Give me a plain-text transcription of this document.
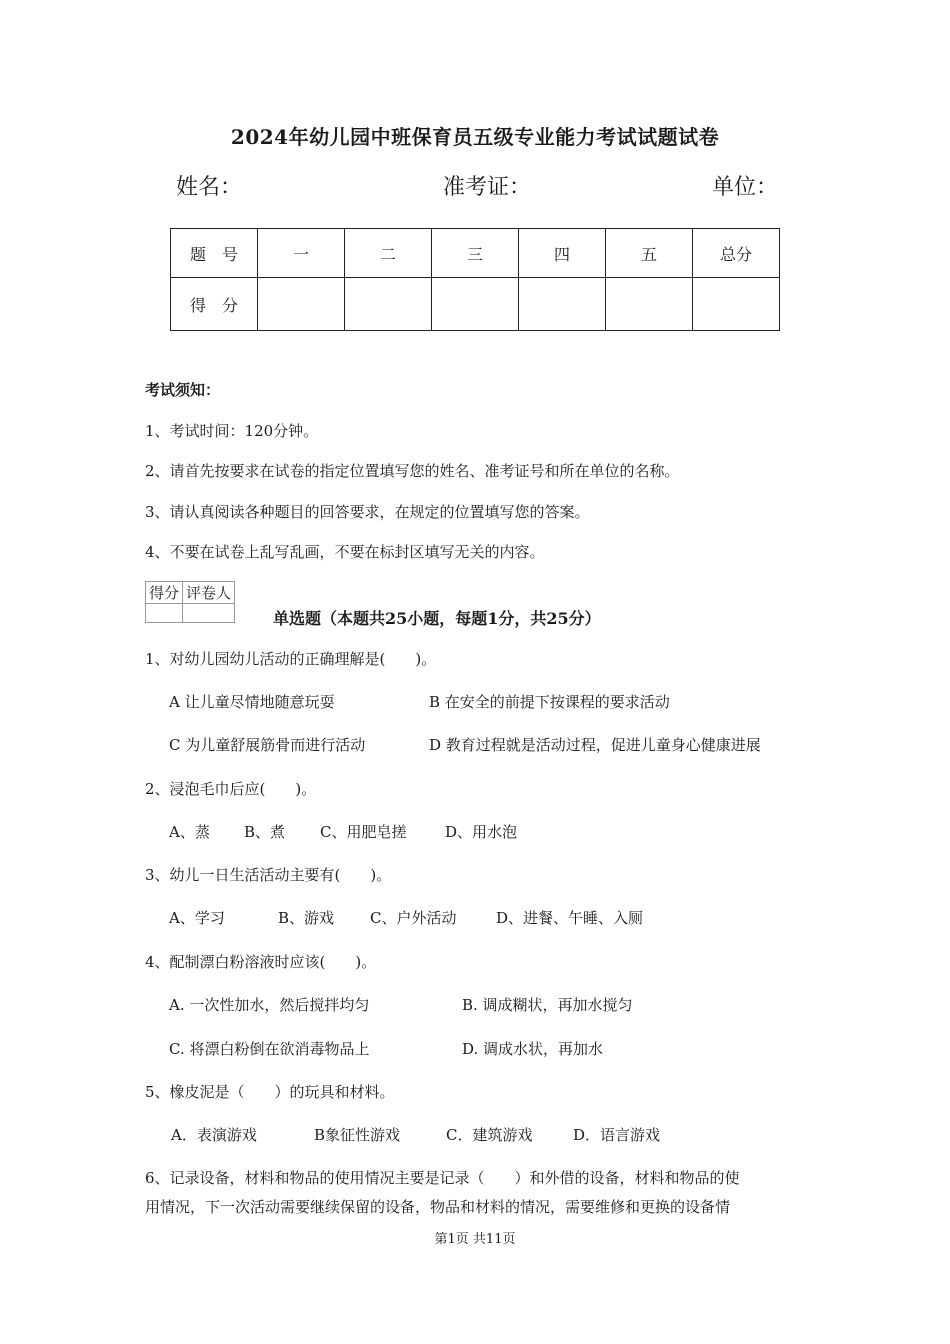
2024年幼儿园中班保育员五级专业能力考试试题试卷
姓名：	准考证：	单位：
题　号	一	二	三	四	五	总分
得　分						
考试须知：
1、考试时间：120分钟。
2、请首先按要求在试卷的指定位置填写您的姓名、准考证号和所在单位的名称。
3、请认真阅读各种题目的回答要求，在规定的位置填写您的答案。
4、不要在试卷上乱写乱画，不要在标封区填写无关的内容。
得分	评卷人

单选题（本题共25小题，每题1分，共25分）
1、对幼儿园幼儿活动的正确理解是(　　)。
A 让儿童尽情地随意玩耍	B 在安全的前提下按课程的要求活动
C 为儿童舒展筋骨而进行活动	D 教育过程就是活动过程，促进儿童身心健康进展
2、浸泡毛巾后应(　　)。
A、蒸 B、煮 C、用肥皂搓	D、用水泡
3、幼儿一日生活活动主要有(　　)。
A、学习	B、游戏 C、户外活动	D、进餐、午睡、入厕
4、配制漂白粉溶液时应该(　　)。
A. 一次性加水，然后搅拌均匀	B. 调成糊状，再加水搅匀
C. 将漂白粉倒在欲消毒物品上	D. 调成水状，再加水
5、橡皮泥是（　　）的玩具和材料。
A．表演游戏	B象征性游戏	C．建筑游戏	D．语言游戏
6、记录设备，材料和物品的使用情况主要是记录（　　）和外借的设备，材料和物品的使
用情况，下一次活动需要继续保留的设备，物品和材料的情况，需要维修和更换的设备情
第1页 共11页
